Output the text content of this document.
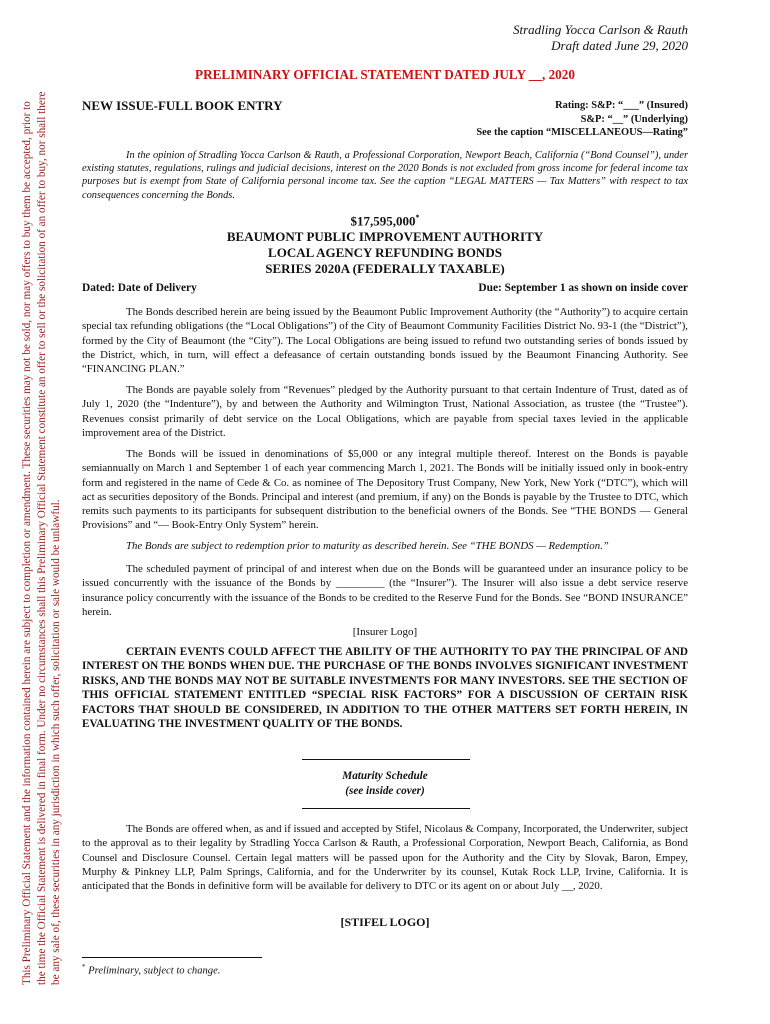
This Preliminary Official Statement and the information contained herein are subject to completion or amendment. These securities may not be sold, nor may offers to buy them be accepted, prior to the time the Official Statement is delivered in final form. Under no circumstances shall this Preliminary Official Statement constitute an offer to sell or the solicitation of an offer to buy, nor shall there be any sale of, these securities in any jurisdiction in which such offer, solicitation or sale would be unlawful.
Stradling Yocca Carlson & Rauth
Draft dated June 29, 2020
PRELIMINARY OFFICIAL STATEMENT DATED JULY __, 2020
NEW ISSUE-FULL BOOK ENTRY	Rating: S&P: “___” (Insured)
S&P: “__” (Underlying)
See the caption “MISCELLANEOUS—Rating”
In the opinion of Stradling Yocca Carlson & Rauth, a Professional Corporation, Newport Beach, California (“Bond Counsel”), under existing statutes, regulations, rulings and judicial decisions, interest on the 2020 Bonds is not excluded from gross income for federal income tax purposes but is exempt from State of California personal income tax. See the caption “LEGAL MATTERS — Tax Matters” with respect to tax consequences concerning the Bonds.
$17,595,000*
BEAUMONT PUBLIC IMPROVEMENT AUTHORITY
LOCAL AGENCY REFUNDING BONDS
SERIES 2020A (FEDERALLY TAXABLE)
Dated: Date of Delivery	Due: September 1 as shown on inside cover
The Bonds described herein are being issued by the Beaumont Public Improvement Authority (the “Authority”) to acquire certain special tax refunding obligations (the “Local Obligations”) of the City of Beaumont Community Facilities District No. 93-1 (the “District”), formed by the City of Beaumont (the “City”). The Local Obligations are being issued to refund two outstanding series of bonds issued by the District, which, in turn, will effect a defeasance of certain outstanding bonds issued by the Beaumont Financing Authority. See “FINANCING PLAN.”
The Bonds are payable solely from “Revenues” pledged by the Authority pursuant to that certain Indenture of Trust, dated as of July 1, 2020 (the “Indenture”), by and between the Authority and Wilmington Trust, National Association, as trustee (the “Trustee”). Revenues consist primarily of debt service on the Local Obligations, which are payable from special taxes levied in the applicable improvement area of the District.
The Bonds will be issued in denominations of $5,000 or any integral multiple thereof. Interest on the Bonds is payable semiannually on March 1 and September 1 of each year commencing March 1, 2021. The Bonds will be initially issued only in book-entry form and registered in the name of Cede & Co. as nominee of The Depository Trust Company, New York, New York (“DTC”), which will act as securities depository of the Bonds. Principal and interest (and premium, if any) on the Bonds is payable by the Trustee to DTC, which remits such payments to its participants for subsequent distribution to the beneficial owners of the Bonds. See “THE BONDS — General Provisions” and “— Book-Entry Only System” herein.
The Bonds are subject to redemption prior to maturity as described herein. See “THE BONDS — Redemption.”
The scheduled payment of principal of and interest when due on the Bonds will be guaranteed under an insurance policy to be issued concurrently with the issuance of the Bonds by _________ (the “Insurer”). The Insurer will also issue a debt service reserve insurance policy concurrently with the issuance of the Bonds to be credited to the Reserve Fund for the Bonds. See “BOND INSURANCE” herein.
[Insurer Logo]
CERTAIN EVENTS COULD AFFECT THE ABILITY OF THE AUTHORITY TO PAY THE PRINCIPAL OF AND INTEREST ON THE BONDS WHEN DUE. THE PURCHASE OF THE BONDS INVOLVES SIGNIFICANT INVESTMENT RISKS, AND THE BONDS MAY NOT BE SUITABLE INVESTMENTS FOR MANY INVESTORS. SEE THE SECTION OF THIS OFFICIAL STATEMENT ENTITLED “SPECIAL RISK FACTORS” FOR A DISCUSSION OF CERTAIN RISK FACTORS THAT SHOULD BE CONSIDERED, IN ADDITION TO THE OTHER MATTERS SET FORTH HEREIN, IN EVALUATING THE INVESTMENT QUALITY OF THE BONDS.
Maturity Schedule
(see inside cover)
The Bonds are offered when, as and if issued and accepted by Stifel, Nicolaus & Company, Incorporated, the Underwriter, subject to the approval as to their legality by Stradling Yocca Carlson & Rauth, a Professional Corporation, Newport Beach, California, as Bond Counsel and Disclosure Counsel. Certain legal matters will be passed upon for the Authority and the City by Slovak, Baron, Empey, Murphy & Pinkney LLP, Palm Springs, California, and for the Underwriter by its counsel, Kutak Rock LLP, Irvine, California. It is anticipated that the Bonds in definitive form will be available for delivery to DTC or its agent on or about July __, 2020.
[STIFEL LOGO]
* Preliminary, subject to change.
